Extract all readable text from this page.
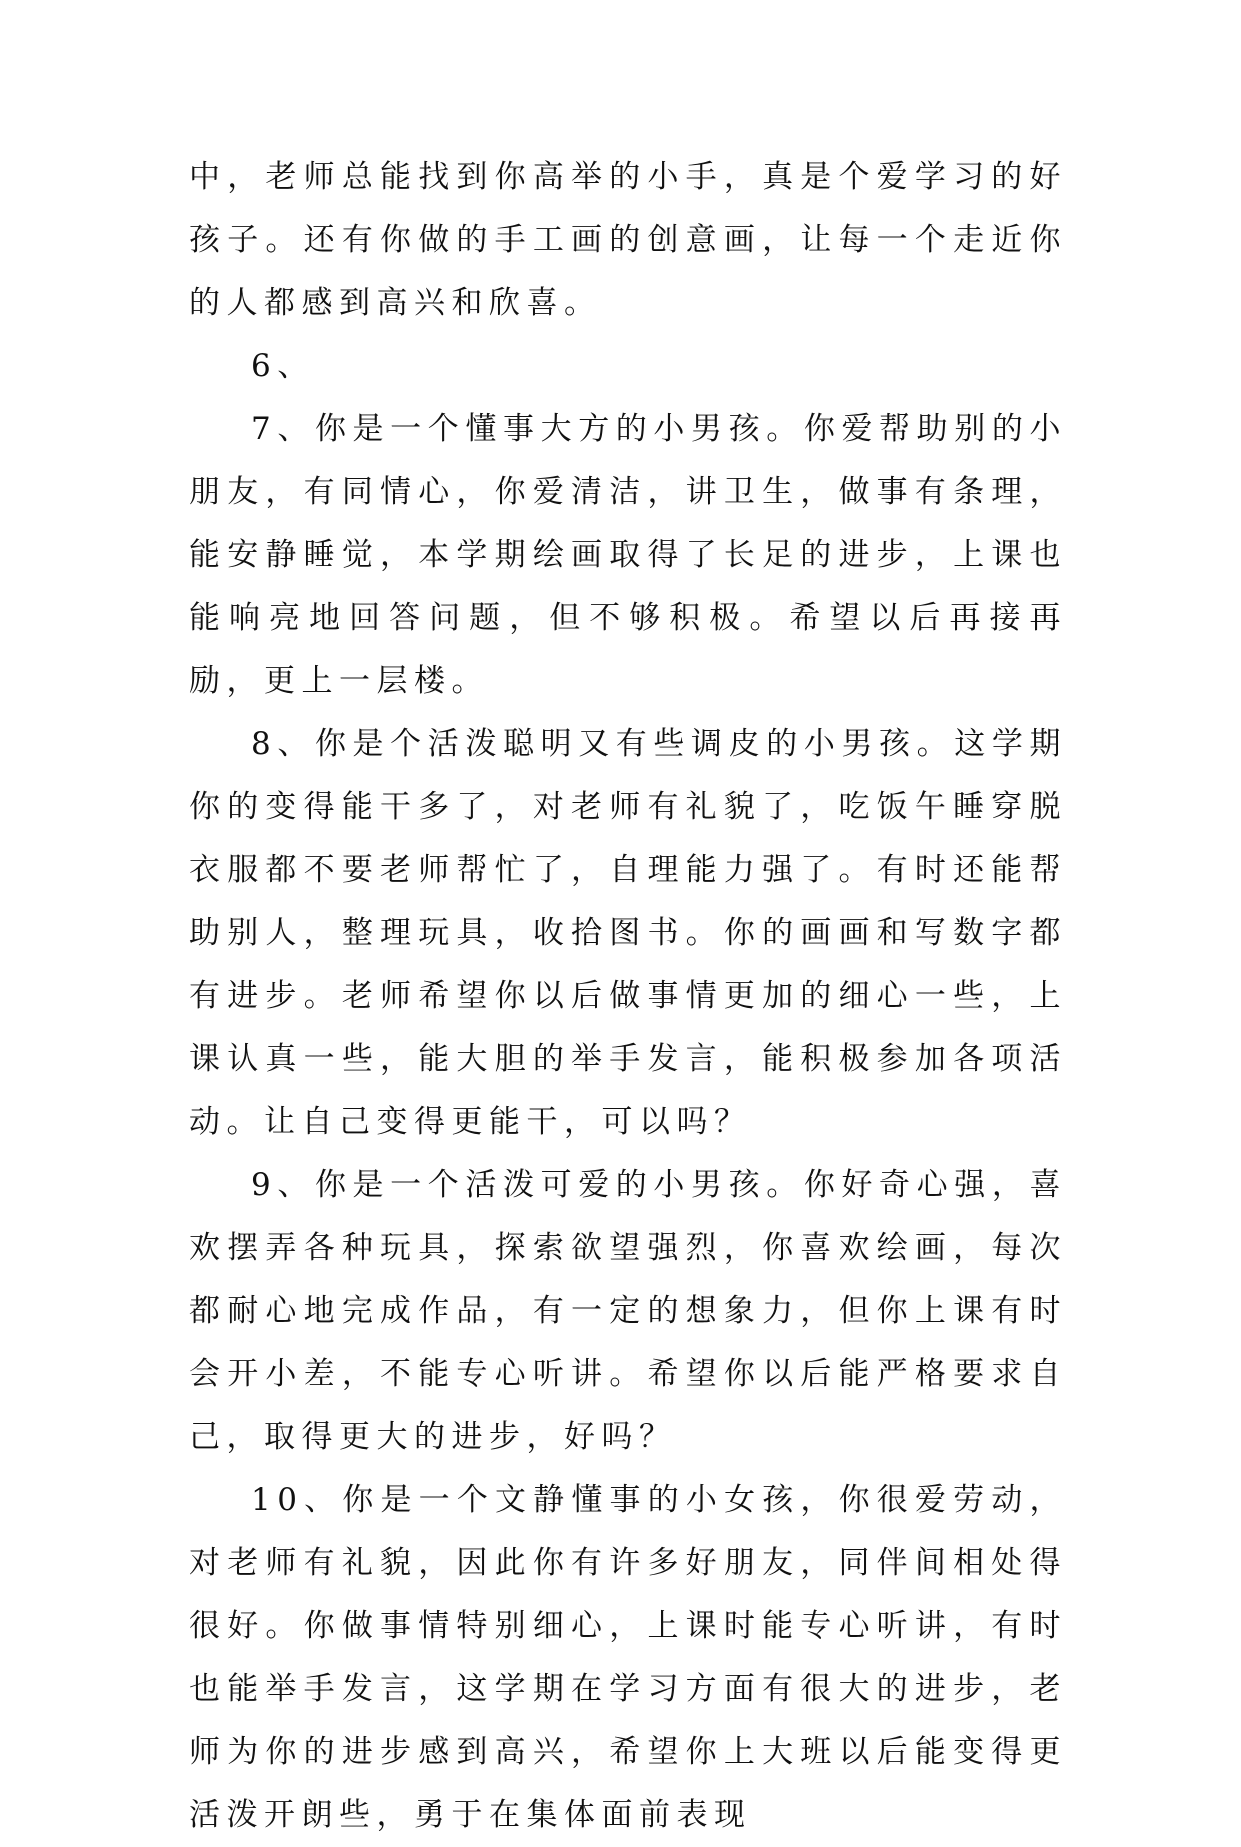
中，老师总能找到你高举的小手，真是个爱学习的好孩子。还有你做的手工画的创意画，让每一个走近你的人都感到高兴和欣喜。

6、

7、你是一个懂事大方的小男孩。你爱帮助别的小朋友，有同情心，你爱清洁，讲卫生，做事有条理，能安静睡觉，本学期绘画取得了长足的进步，上课也能响亮地回答问题，但不够积极。希望以后再接再励，更上一层楼。

8、你是个活泼聪明又有些调皮的小男孩。这学期你的变得能干多了，对老师有礼貌了，吃饭午睡穿脱衣服都不要老师帮忙了，自理能力强了。有时还能帮助别人，整理玩具，收拾图书。你的画画和写数字都有进步。老师希望你以后做事情更加的细心一些，上课认真一些，能大胆的举手发言，能积极参加各项活动。让自己变得更能干，可以吗？

9、你是一个活泼可爱的小男孩。你好奇心强，喜欢摆弄各种玩具，探索欲望强烈，你喜欢绘画，每次都耐心地完成作品，有一定的想象力，但你上课有时会开小差，不能专心听讲。希望你以后能严格要求自己，取得更大的进步，好吗？

10、你是一个文静懂事的小女孩，你很爱劳动，对老师有礼貌，因此你有许多好朋友，同伴间相处得很好。你做事情特别细心，上课时能专心听讲，有时也能举手发言，这学期在学习方面有很大的进步，老师为你的进步感到高兴，希望你上大班以后能变得更活泼开朗些，勇于在集体面前表现
